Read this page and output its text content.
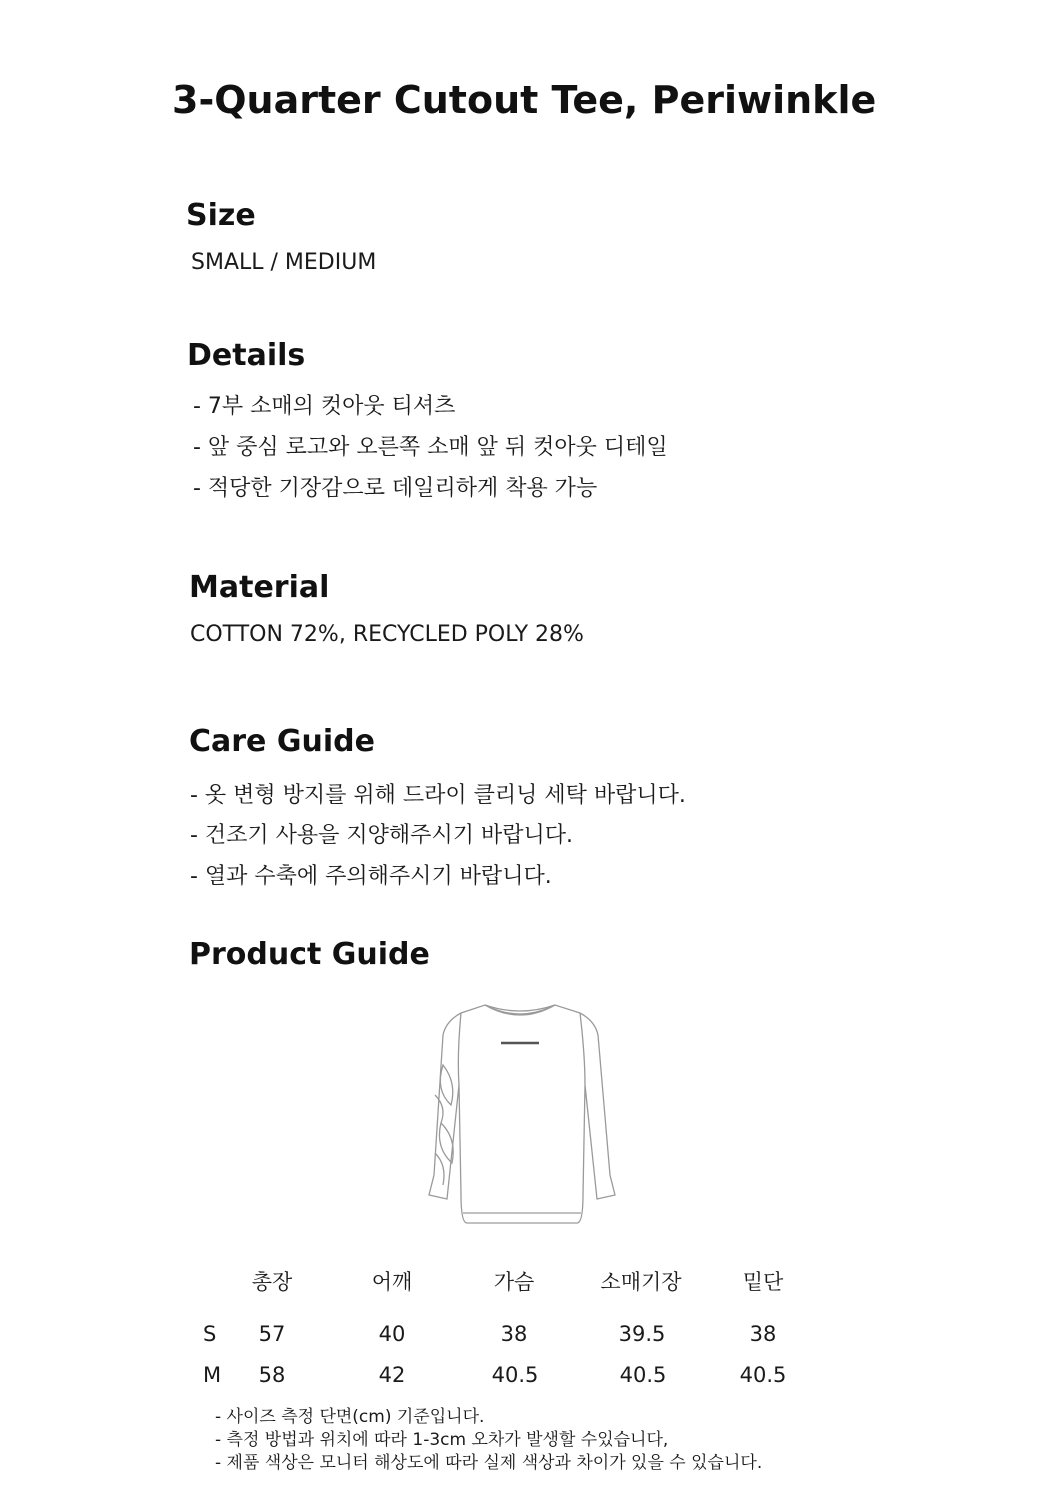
3-Quarter Cutout Tee, Periwinkle
Size
SMALL / MEDIUM
Details
- 7부 소매의 컷아웃 티셔츠
- 앞 중심 로고와 오른쪽 소매 앞 뒤 컷아웃 디테일
- 적당한 기장감으로 데일리하게 착용 가능
Material
COTTON 72%, RECYCLED POLY 28%
Care Guide
- 옷 변형 방지를 위해 드라이 클리닝 세탁 바랍니다.
- 건조기 사용을 지양해주시기 바랍니다.
- 열과 수축에 주의해주시기 바랍니다.
Product Guide
총장	어깨	가슴	소매기장	밑단
S 57	40	38	39.5	38
M 58	42	40.5	40.5	40.5
- 사이즈 측정 단면(cm) 기준입니다.
- 측정 방법과 위치에 따라 1-3cm 오차가 발생할 수있습니다,
- 제품 색상은 모니터 해상도에 따라 실제 색상과 차이가 있을 수 있습니다.
